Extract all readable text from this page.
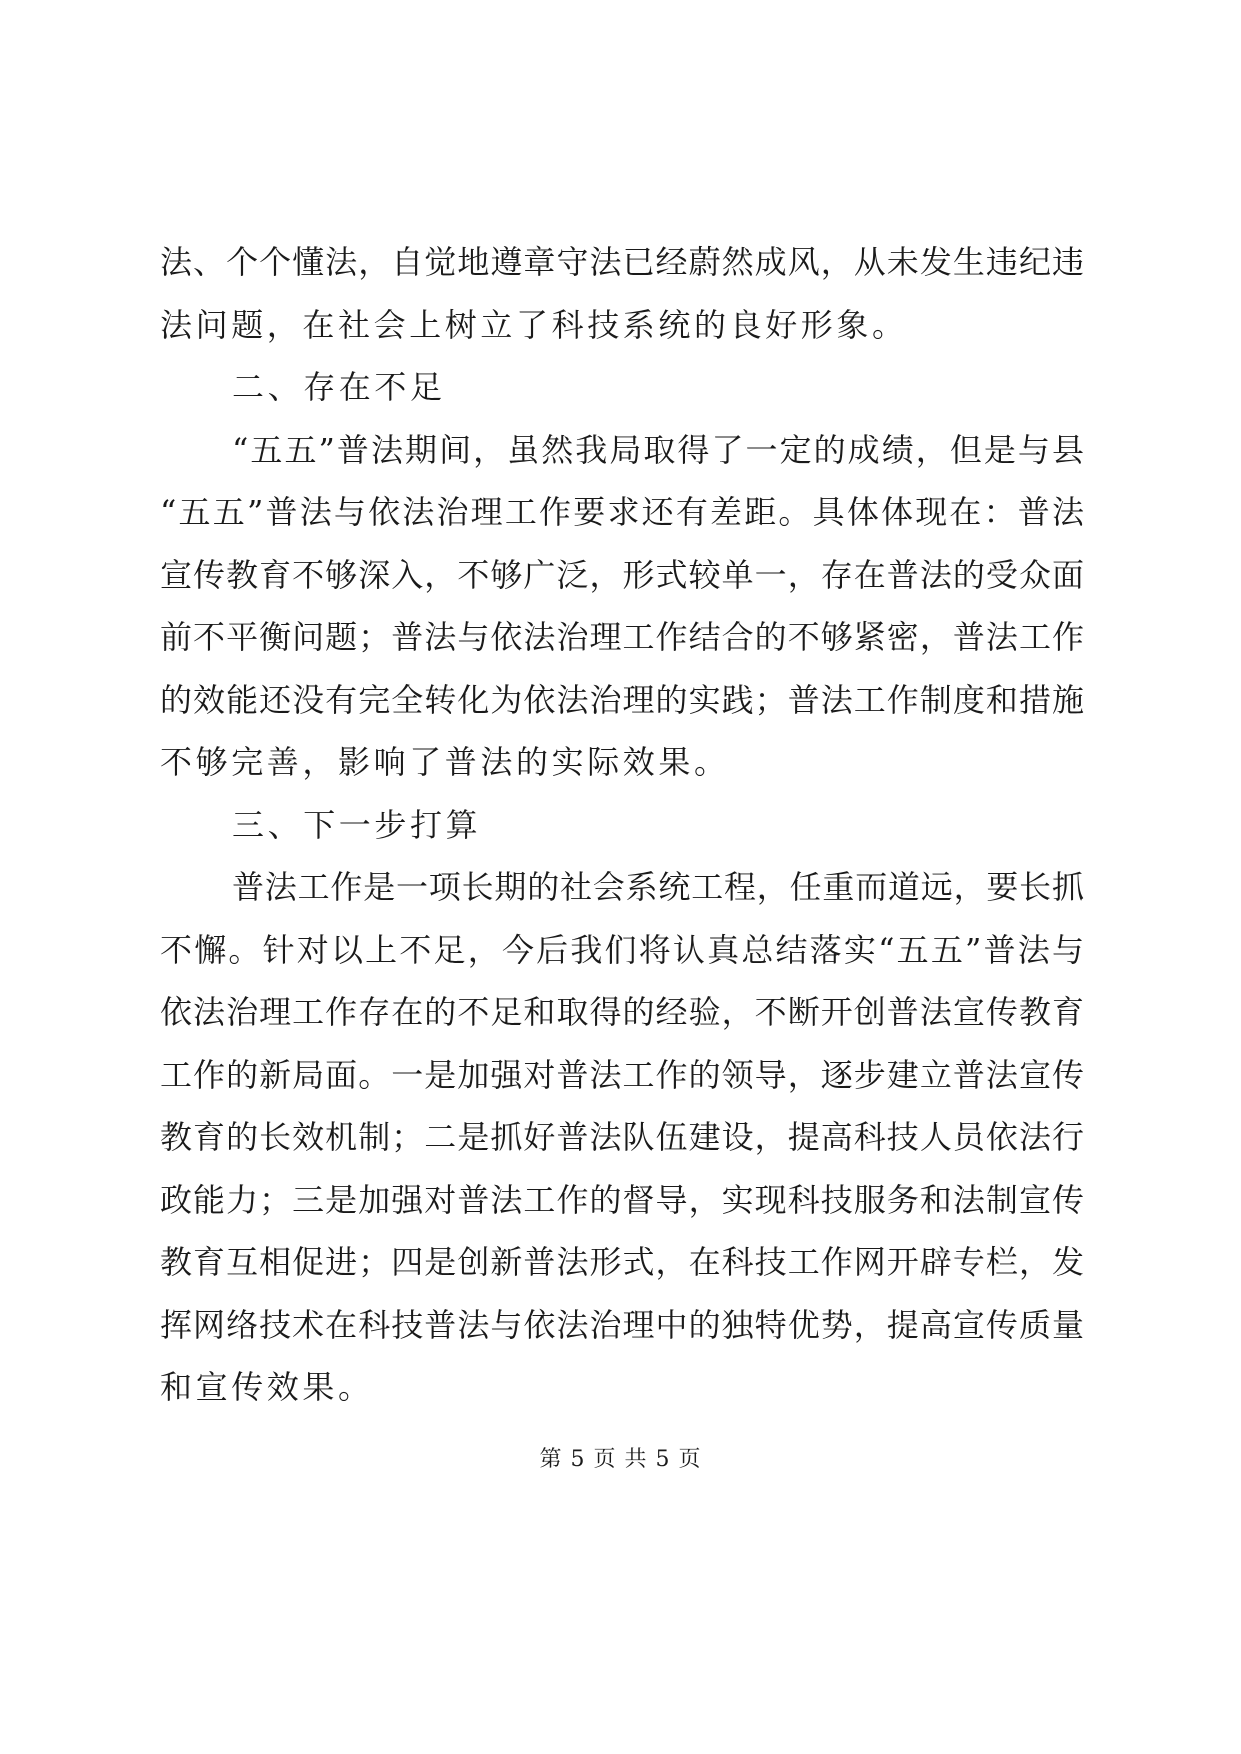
法、个个懂法，自觉地遵章守法已经蔚然成风，从未发生违纪违
法问题，在社会上树立了科技系统的良好形象。
二、存在不足
“五五”普法期间，虽然我局取得了一定的成绩，但是与县
“五五”普法与依法治理工作要求还有差距。具体体现在：普法
宣传教育不够深入，不够广泛，形式较单一，存在普法的受众面
前不平衡问题；普法与依法治理工作结合的不够紧密，普法工作
的效能还没有完全转化为依法治理的实践；普法工作制度和措施
不够完善，影响了普法的实际效果。
三、下一步打算
普法工作是一项长期的社会系统工程，任重而道远，要长抓
不懈。针对以上不足，今后我们将认真总结落实“五五”普法与
依法治理工作存在的不足和取得的经验，不断开创普法宣传教育
工作的新局面。一是加强对普法工作的领导，逐步建立普法宣传
教育的长效机制；二是抓好普法队伍建设，提高科技人员依法行
政能力；三是加强对普法工作的督导，实现科技服务和法制宣传
教育互相促进；四是创新普法形式，在科技工作网开辟专栏，发
挥网络技术在科技普法与依法治理中的独特优势，提高宣传质量
和宣传效果。
第 5 页 共 5 页
